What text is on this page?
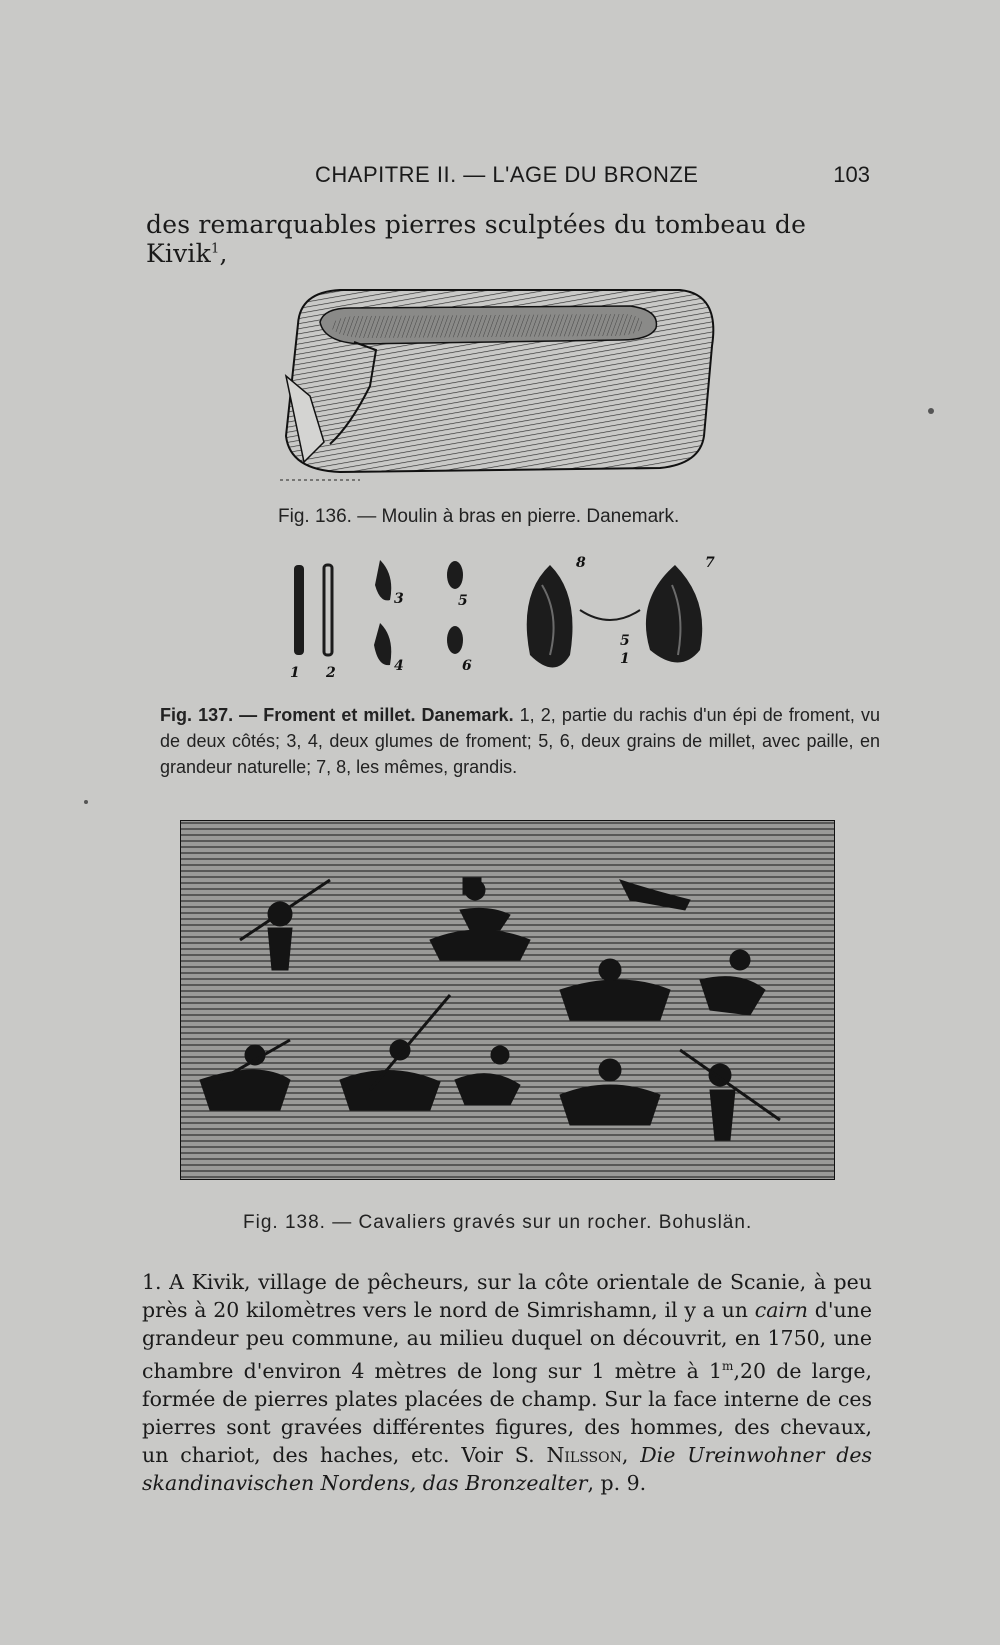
CHAPITRE II. — L'AGE DU BRONZE	103
des remarquables pierres sculptées du tombeau de Kivik$^1$,
Fig. 136. — Moulin à bras en pierre. Danemark.
1 2
3
4
5
6
7
8
5
1
Fig. 137. — Froment et millet. Danemark. 1, 2, partie du rachis d'un épi de froment, vu de deux côtés; 3, 4, deux glumes de froment; 5, 6, deux grains de millet, avec paille, en grandeur naturelle; 7, 8, les mêmes, grandis.
Fig. 138. — Cavaliers gravés sur un rocher. Bohuslän.
1. A Kivik, village de pêcheurs, sur la côte orientale de Scanie, à peu près à 20 kilomètres vers le nord de Simrishamn, il y a un cairn d'une grandeur peu commune, au milieu duquel on découvrit, en 1750, une chambre d'environ 4 mètres de long sur 1 mètre à 1$^m$,20 de large, formée de pierres plates placées de champ. Sur la face interne de ces pierres sont gravées différentes figures, des hommes, des chevaux, un chariot, des haches, etc. Voir S. Nilsson, Die Ureinwohner des skandinavischen Nordens, das Bronzealter, p. 9.
